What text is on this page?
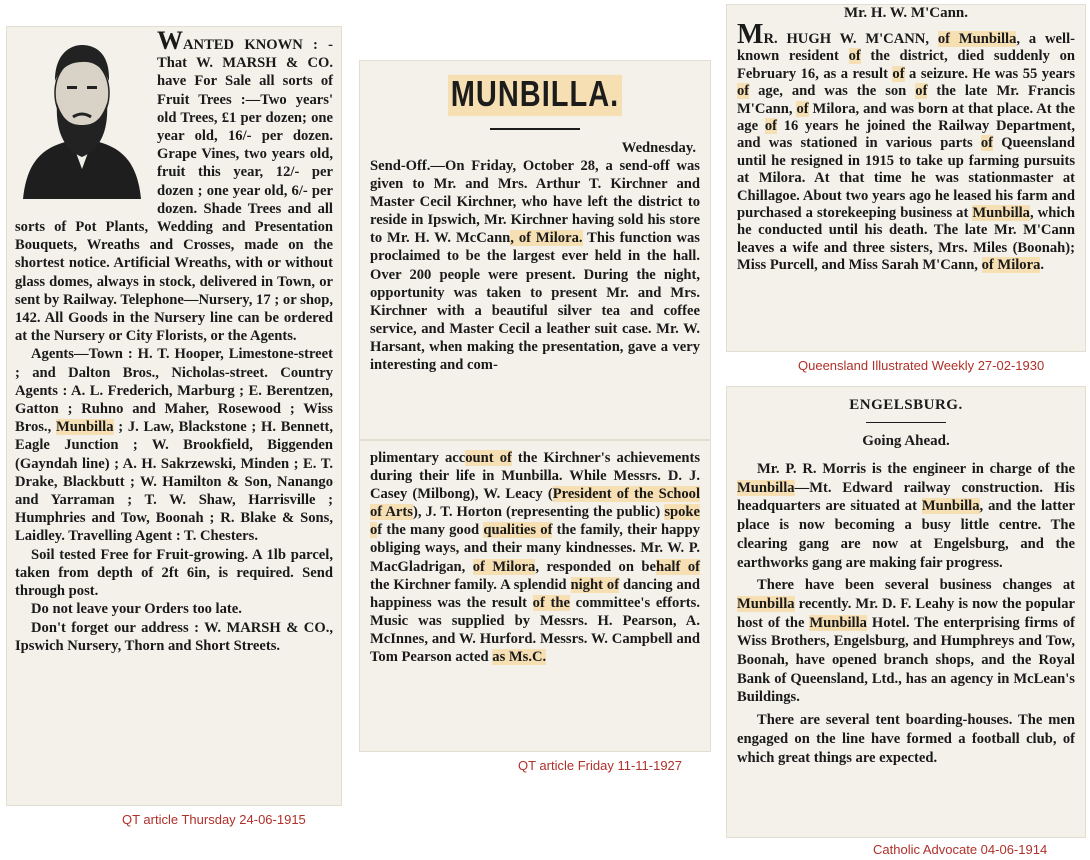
WANTED KNOWN : - That W. MARSH & CO. have For Sale all sorts of Fruit Trees :—Two years' old Trees, £1 per dozen; one year old, 16/- per dozen. Grape Vines, two years old, fruit this year, 12/- per dozen ; one year old, 6/- per dozen. Shade Trees and all sorts of Pot Plants, Wedding and Presentation Bouquets, Wreaths and Crosses, made on the shortest notice. Artificial Wreaths, with or without glass domes, always in stock, delivered in Town, or sent by Railway. Telephone—Nursery, 17 ; or shop, 142. All Goods in the Nursery line can be ordered at the Nursery or City Florists, or the Agents.

Agents—Town : H. T. Hooper, Limestone-street ; and Dalton Bros., Nicholas-street. Country Agents : A. L. Frederich, Marburg ; E. Berentzen, Gatton ; Ruhno and Maher, Rosewood ; Wiss Bros., Munbilla ; J. Law, Blackstone ; H. Bennett, Eagle Junction ; W. Brookfield, Biggenden (Gayndah line) ; A. H. Sakrzewski, Minden ; E. T. Drake, Blackbutt ; W. Hamilton & Son, Nanango and Yarraman ; T. W. Shaw, Harrisville ; Humphries and Tow, Boonah ; R. Blake & Sons, Laidley. Travelling Agent : T. Chesters.

Soil tested Free for Fruit-growing. A 1lb parcel, taken from depth of 2ft 6in, is required. Send through post.

Do not leave your Orders too late.

Don't forget our address : W. MARSH & CO., Ipswich Nursery, Thorn and Short Streets.

QT article Thursday 24-06-1915
MUNBILLA.
Wednesday.

Send-Off.—On Friday, October 28, a send-off was given to Mr. and Mrs. Arthur T. Kirchner and Master Cecil Kirchner, who have left the district to reside in Ipswich, Mr. Kirchner having sold his store to Mr. H. W. McCann, of Milora. This function was proclaimed to be the largest ever held in the hall. Over 200 people were present. During the night, opportunity was taken to present Mr. and Mrs. Kirchner with a beautiful silver tea and coffee service, and Master Cecil a leather suit case. Mr. W. Harsant, when making the presentation, gave a very interesting and com-

plimentary account of the Kirchner's achievements during their life in Munbilla. While Messrs. D. J. Casey (Milbong), W. Leacy (President of the School of Arts), J. T. Horton (representing the public) spoke of the many good qualities of the family, their happy obliging ways, and their many kindnesses. Mr. W. P. MacGladrigan, of Milora, responded on behalf of the Kirchner family. A splendid night of dancing and happiness was the result of the committee's efforts. Music was supplied by Messrs. H. Pearson, A. McInnes, and W. Hurford. Messrs. W. Campbell and Tom Pearson acted as Ms.C.

QT article Friday 11-11-1927
Mr. H. W. M'Cann.
MR. HUGH W. M'CANN, of Munbilla, a well-known resident of the district, died suddenly on February 16, as a result of a seizure. He was 55 years of age, and was the son of the late Mr. Francis M'Cann, of Milora, and was born at that place. At the age of 16 years he joined the Railway Department, and was stationed in various parts of Queensland until he resigned in 1915 to take up farming pursuits at Milora. At that time he was stationmaster at Chillagoe. About two years ago he leased his farm and purchased a storekeeping business at Munbilla, which he conducted until his death. The late Mr. M'Cann leaves a wife and three sisters, Mrs. Miles (Boonah); Miss Purcell, and Miss Sarah M'Cann, of Milora.
Queensland Illustrated Weekly 27-02-1930
ENGELSBURG.
Going Ahead.

Mr. P. R. Morris is the engineer in charge of the Munbilla—Mt. Edward railway construction. His headquarters are situated at Munbilla, and the latter place is now becoming a busy little centre. The clearing gang are now at Engelsburg, and the earthworks gang are making fair progress.

There have been several business changes at Munbilla recently. Mr. D. F. Leahy is now the popular host of the Munbilla Hotel. The enterprising firms of Wiss Brothers, Engelsburg, and Humphreys and Tow, Boonah, have opened branch shops, and the Royal Bank of Queensland, Ltd., has an agency in McLean's Buildings.

There are several tent boarding-houses. The men engaged on the line have formed a football club, of which great things are expected.

Catholic Advocate 04-06-1914
